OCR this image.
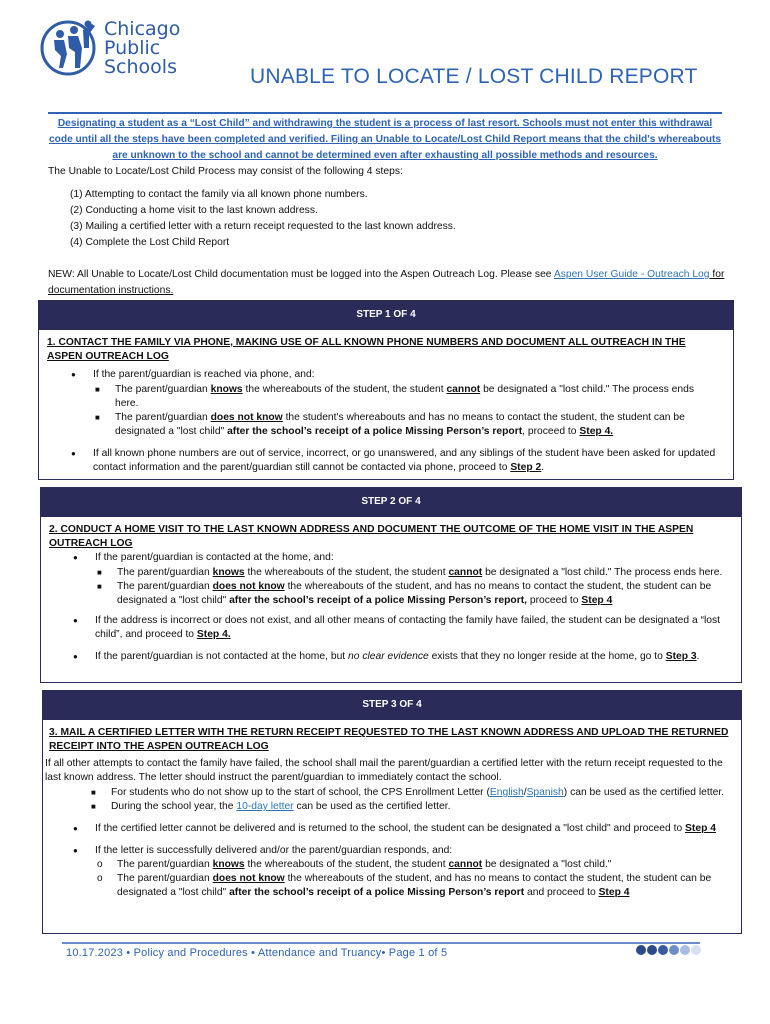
Chicago
Public
Schools	UNABLE TO LOCATE / LOST CHILD REPORT
Designating a student as a “Lost Child” and withdrawing the student is a process of last resort. Schools must not enter this withdrawal code until all the steps have been completed and verified. Filing an Unable to Locate/Lost Child Report means that the child's whereabouts are unknown to the school and cannot be determined even after exhausting all possible methods and resources.
The Unable to Locate/Lost Child Process may consist of the following 4 steps:
(1) Attempting to contact the family via all known phone numbers.
(2) Conducting a home visit to the last known address.
(3) Mailing a certified letter with a return receipt requested to the last known address.
(4) Complete the Lost Child Report
NEW: All Unable to Locate/Lost Child documentation must be logged into the Aspen Outreach Log. Please see Aspen User Guide - Outreach Log for documentation instructions.
STEP 1 OF 4
1. CONTACT THE FAMILY VIA PHONE, MAKING USE OF ALL KNOWN PHONE NUMBERS AND DOCUMENT ALL OUTREACH IN THE ASPEN OUTREACH LOG
● If the parent/guardian is reached via phone, and:
■ The parent/guardian knows the whereabouts of the student, the student cannot be designated a "lost child." The process ends here.
■ The parent/guardian does not know the student's whereabouts and has no means to contact the student, the student can be designated a "lost child" after the school’s receipt of a police Missing Person’s report, proceed to Step 4.
● If all known phone numbers are out of service, incorrect, or go unanswered, and any siblings of the student have been asked for updated contact information and the parent/guardian still cannot be contacted via phone, proceed to Step 2.
STEP 2 OF 4
2. CONDUCT A HOME VISIT TO THE LAST KNOWN ADDRESS AND DOCUMENT THE OUTCOME OF THE HOME VISIT IN THE ASPEN OUTREACH LOG
● If the parent/guardian is contacted at the home, and:
■ The parent/guardian knows the whereabouts of the student, the student cannot be designated a "lost child." The process ends here.
■ The parent/guardian does not know the whereabouts of the student, and has no means to contact the student, the student can be designated a "lost child" after the school’s receipt of a police Missing Person’s report, proceed to Step 4
● If the address is incorrect or does not exist, and all other means of contacting the family have failed, the student can be designated a “lost child”, and proceed to Step 4.
● If the parent/guardian is not contacted at the home, but no clear evidence exists that they no longer reside at the home, go to Step 3.
STEP 3 OF 4
3. MAIL A CERTIFIED LETTER WITH THE RETURN RECEIPT REQUESTED TO THE LAST KNOWN ADDRESS AND UPLOAD THE RETURNED RECEIPT INTO THE ASPEN OUTREACH LOG
If all other attempts to contact the family have failed, the school shall mail the parent/guardian a certified letter with the return receipt requested to the last known address. The letter should instruct the parent/guardian to immediately contact the school.
■ For students who do not show up to the start of school, the CPS Enrollment Letter (English/Spanish) can be used as the certified letter.
■ During the school year, the 10-day letter can be used as the certified letter.
● If the certified letter cannot be delivered and is returned to the school, the student can be designated a "lost child" and proceed to Step 4
● If the letter is successfully delivered and/or the parent/guardian responds, and:
o The parent/guardian knows the whereabouts of the student, the student cannot be designated a "lost child."
o The parent/guardian does not know the whereabouts of the student, and has no means to contact the student, the student can be designated a "lost child" after the school’s receipt of a police Missing Person’s report and proceed to Step 4
10.17.2023 • Policy and Procedures • Attendance and Truancy• Page 1 of 5
